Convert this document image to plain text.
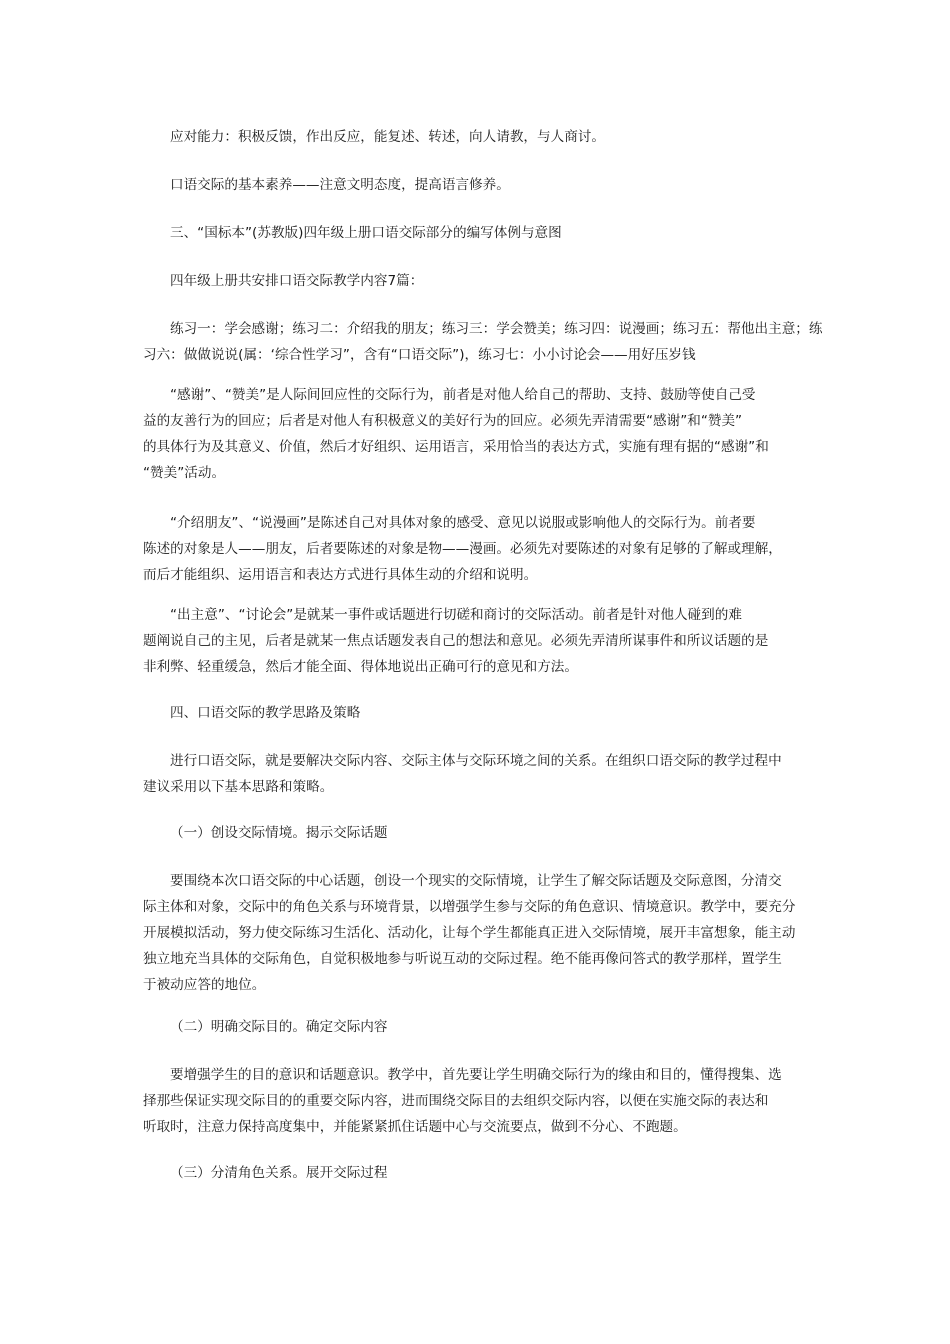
应对能力：积极反馈，作出反应，能复述、转述，向人请教，与人商讨。

口语交际的基本素养——注意文明态度，提高语言修养。

三、“国标本”(苏教版)四年级上册口语交际部分的编写体例与意图

四年级上册共安排口语交际教学内容7篇：

练习一：学会感谢；练习二：介绍我的朋友；练习三：学会赞美；练习四：说漫画；练习五：帮他出主意；练
习六：做做说说(属：‘综合性学习”，含有“口语交际”)，练习七：小小讨论会——用好压岁钱

“感谢”、“赞美”是人际间回应性的交际行为，前者是对他人给自己的帮助、支持、鼓励等使自己受
益的友善行为的回应；后者是对他人有积极意义的美好行为的回应。必须先弄清需要“感谢”和“赞美”
的具体行为及其意义、价值，然后才好组织、运用语言，采用恰当的表达方式，实施有理有据的“感谢”和
“赞美”活动。

“介绍朋友”、“说漫画”是陈述自己对具体对象的感受、意见以说服或影响他人的交际行为。前者要
陈述的对象是人——朋友，后者要陈述的对象是物——漫画。必须先对要陈述的对象有足够的了解或理解，
而后才能组织、运用语言和表达方式进行具体生动的介绍和说明。

“出主意”、“讨论会”是就某一事件或话题进行切磋和商讨的交际活动。前者是针对他人碰到的难
题阐说自己的主见，后者是就某一焦点话题发表自己的想法和意见。必须先弄清所谋事件和所议话题的是
非利弊、轻重缓急，然后才能全面、得体地说出正确可行的意见和方法。

四、口语交际的教学思路及策略

进行口语交际，就是要解决交际内容、交际主体与交际环境之间的关系。在组织口语交际的教学过程中
建议采用以下基本思路和策略。

（一）创设交际情境。揭示交际话题

要围绕本次口语交际的中心话题，创设一个现实的交际情境，让学生了解交际话题及交际意图，分清交
际主体和对象，交际中的角色关系与环境背景，以增强学生参与交际的角色意识、情境意识。教学中，要充分
开展模拟活动，努力使交际练习生活化、活动化，让每个学生都能真正进入交际情境，展开丰富想象，能主动
独立地充当具体的交际角色，自觉积极地参与听说互动的交际过程。绝不能再像问答式的教学那样，置学生
于被动应答的地位。

（二）明确交际目的。确定交际内容

要增强学生的目的意识和话题意识。教学中，首先要让学生明确交际行为的缘由和目的，懂得搜集、选
择那些保证实现交际目的的重要交际内容，进而围绕交际目的去组织交际内容，以便在实施交际的表达和
听取时，注意力保持高度集中，并能紧紧抓住话题中心与交流要点，做到不分心、不跑题。

（三）分清角色关系。展开交际过程
